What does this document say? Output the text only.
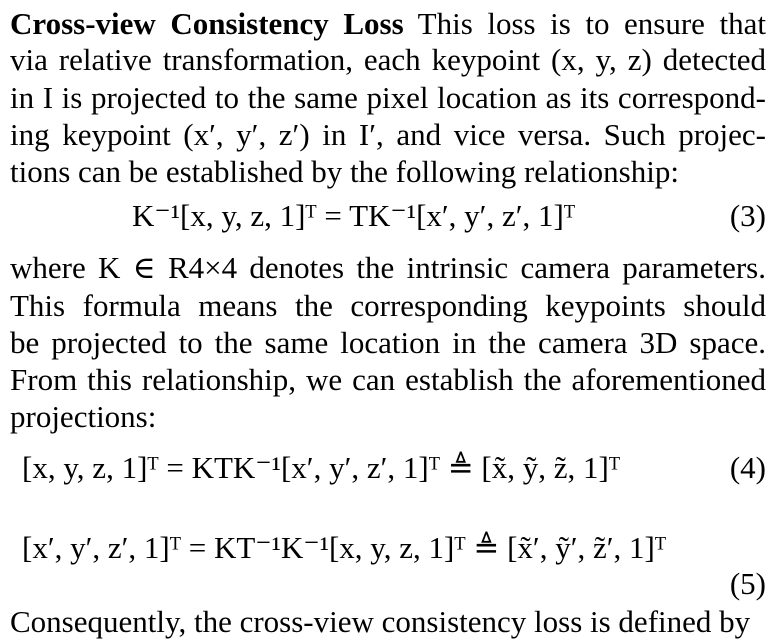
Cross-view Consistency Loss This loss is to ensure that
via relative transformation, each keypoint (x, y, z) detected
in I is projected to the same pixel location as its correspond-
ing keypoint (x′, y′, z′) in I′, and vice versa. Such projec-
tions can be established by the following relationship:
K⁻¹[x, y, z, 1]ᵀ = TK⁻¹[x′, y′, z′, 1]ᵀ	(3)
where K ∈ R4×4 denotes the intrinsic camera parameters.
This formula means the corresponding keypoints should
be projected to the same location in the camera 3D space.
From this relationship, we can establish the aforementioned
projections:
[x, y, z, 1]ᵀ = KTK⁻¹[x′, y′, z′, 1]ᵀ ≜ [x̃, ỹ, z̃, 1]ᵀ	(4)
[x′, y′, z′, 1]ᵀ = KT⁻¹K⁻¹[x, y, z, 1]ᵀ ≜ [x̃′, ỹ′, z̃′, 1]ᵀ
(5)
Consequently, the cross-view consistency loss is defined by
